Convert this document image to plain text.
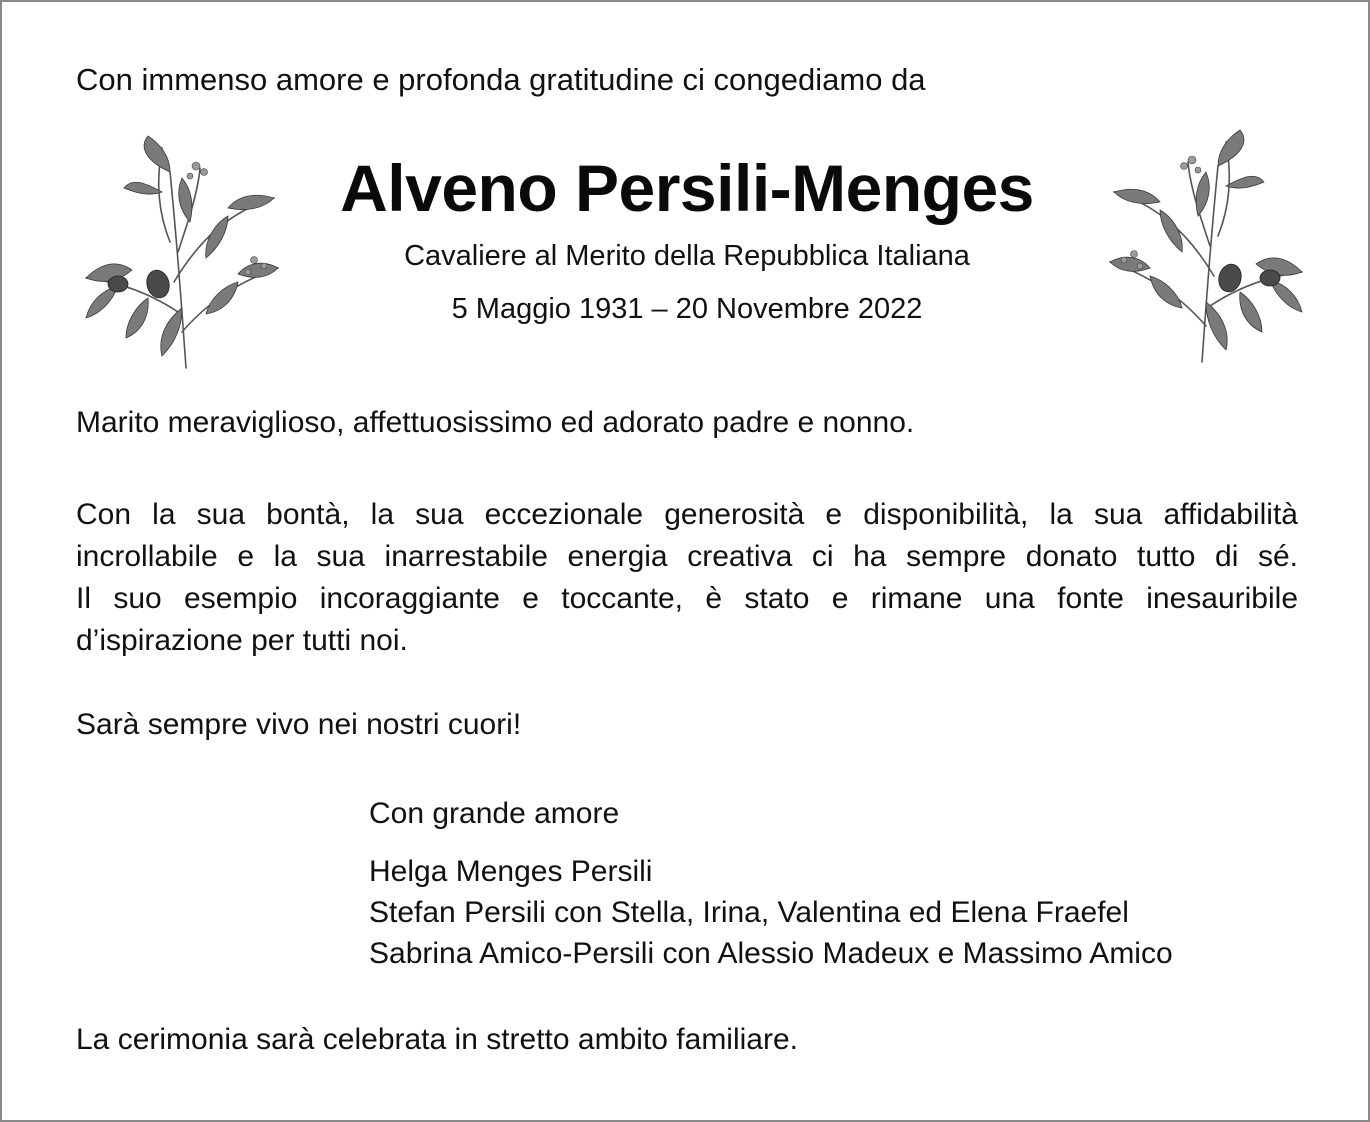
Con immenso amore e profonda gratitudine ci congediamo da

Alveno Persili-Menges

Cavaliere al Merito della Repubblica Italiana

5 Maggio 1931 – 20 Novembre 2022

Marito meraviglioso, affettuosissimo ed adorato padre e nonno.

Con la sua bontà, la sua eccezionale generosità e disponibilità, la sua affidabilità
incrollabile e la sua inarrestabile energia creativa ci ha sempre donato tutto di sé.
Il suo esempio incoraggiante e toccante, è stato e rimane una fonte inesauribile
d’ispirazione per tutti noi.

Sarà sempre vivo nei nostri cuori!

Con grande amore

Helga Menges Persili
Stefan Persili con Stella, Irina, Valentina ed Elena Fraefel
Sabrina Amico-Persili con Alessio Madeux e Massimo Amico

La cerimonia sarà celebrata in stretto ambito familiare.
